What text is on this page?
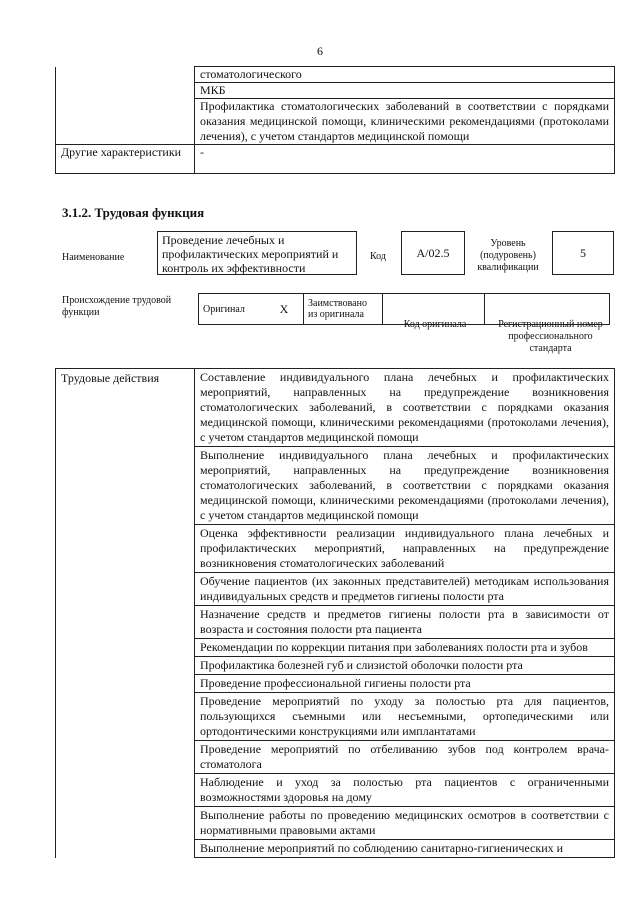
6
	стоматологического
	МКБ
	Профилактика стоматологических заболеваний в соответствии с порядками оказания медицинской помощи, клиническими рекомендациями (протоколами лечения), с учетом стандартов медицинской помощи
Другие характеристики	-
3.1.2. Трудовая функция
Наименование
Проведение лечебных и профилактических мероприятий и контроль их эффективности
Код	А/02.5
Уровень (подуровень) квалификации
5
Происхождение трудовой функции	Оригинал	X	Заимствовано из оригинала		
Код оригинала	Регистрационный номер профессионального стандарта
Трудовые действия	Составление индивидуального плана лечебных и профилактических мероприятий, направленных на предупреждение возникновения стоматологических заболеваний, в соответствии с порядками оказания медицинской помощи, клиническими рекомендациями (протоколами лечения), с учетом стандартов медицинской помощи
Выполнение индивидуального плана лечебных и профилактических мероприятий, направленных на предупреждение возникновения стоматологических заболеваний, в соответствии с порядками оказания медицинской помощи, клиническими рекомендациями (протоколами лечения), с учетом стандартов медицинской помощи
Оценка эффективности реализации индивидуального плана лечебных и профилактических мероприятий, направленных на предупреждение возникновения стоматологических заболеваний
Обучение пациентов (их законных представителей) методикам использования индивидуальных средств и предметов гигиены полости рта
Назначение средств и предметов гигиены полости рта в зависимости от возраста и состояния полости рта пациента
Рекомендации по коррекции питания при заболеваниях полости рта и зубов
Профилактика болезней губ и слизистой оболочки полости рта
Проведение профессиональной гигиены полости рта
Проведение мероприятий по уходу за полостью рта для пациентов, пользующихся съемными или несъемными, ортопедическими или ортодонтическими конструкциями или имплантатами
Проведение мероприятий по отбеливанию зубов под контролем врача-стоматолога
Наблюдение и уход за полостью рта пациентов с ограниченными возможностями здоровья на дому
Выполнение работы по проведению медицинских осмотров в соответствии с нормативными правовыми актами
Выполнение мероприятий по соблюдению санитарно-гигиенических и
